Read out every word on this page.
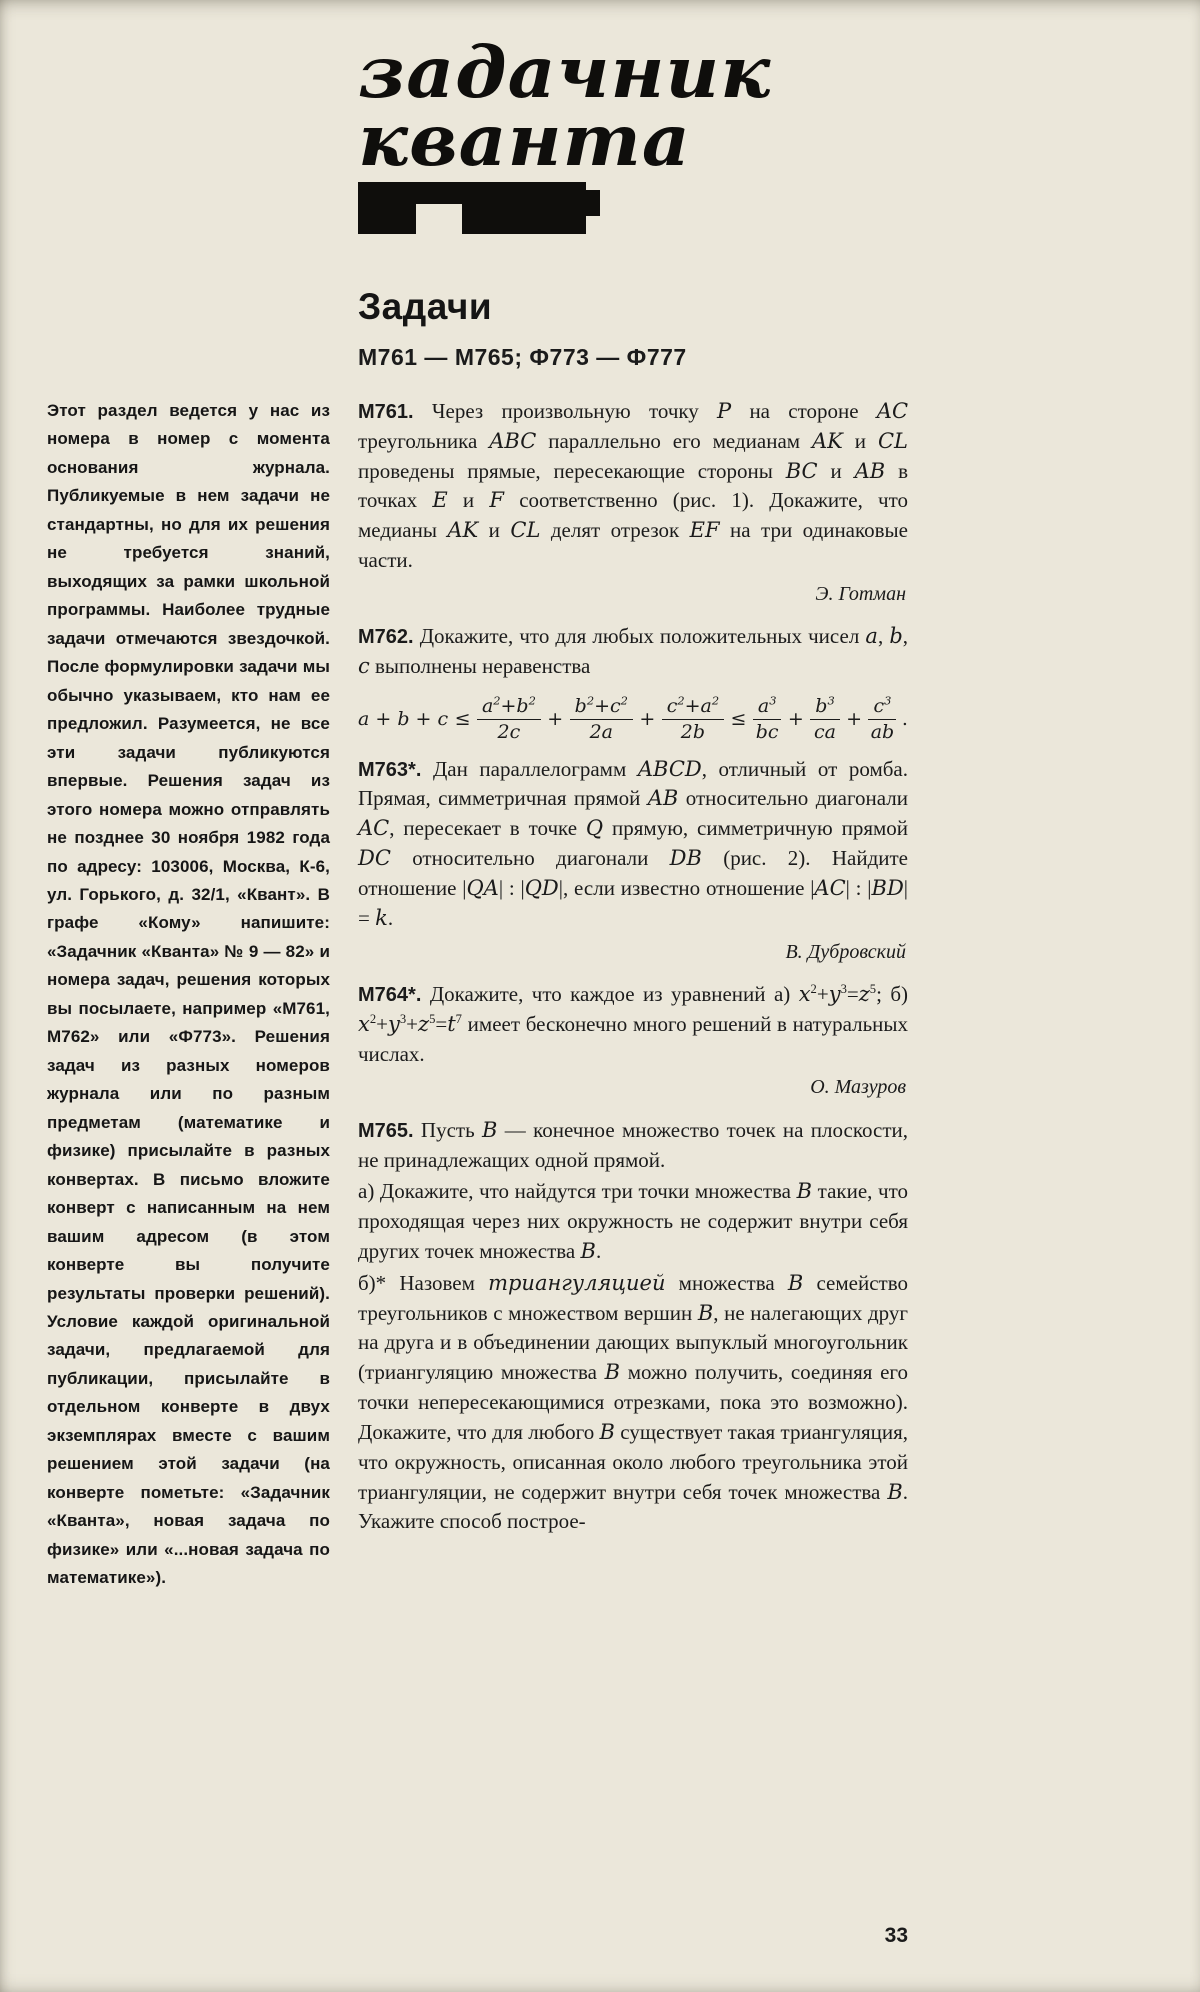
задачник
кванта
Задачи
М761 — М765; Ф773 — Ф777
Этот раздел ведется у нас из номера в номер с момента основания журнала. Публикуемые в нем задачи не стандартны, но для их решения не требуется знаний, выходящих за рамки школьной программы. Наиболее трудные задачи отмечаются звездочкой. После формулировки задачи мы обычно указываем, кто нам ее предложил. Разумеется, не все эти задачи публикуются впервые. Решения задач из этого номера можно отправлять не позднее 30 ноября 1982 года по адресу: 103006, Москва, К-6, ул. Горького, д. 32/1, «Квант». В графе «Кому» напишите: «Задачник «Кванта» № 9 — 82» и номера задач, решения которых вы посылаете, например «М761, М762» или «Ф773». Решения задач из разных номеров журнала или по разным предметам (математике и физике) присылайте в разных конвертах. В письмо вложите конверт с написанным на нем вашим адресом (в этом конверте вы получите результаты проверки решений). Условие каждой оригинальной задачи, предлагаемой для публикации, присылайте в отдельном конверте в двух экземплярах вместе с вашим решением этой задачи (на конверте пометьте: «Задачник «Кванта», новая задача по физике» или «...новая задача по математике»).

М761. Через произвольную точку P на стороне AC треугольника ABC параллельно его медианам AK и CL проведены прямые, пересекающие стороны BC и AB в точках E и F соответственно (рис. 1). Докажите, что медианы AK и CL делят отрезок EF на три одинаковые части.

Э. Готман

М762. Докажите, что для любых положительных чисел a, b, c выполнены неравенства

$a + b + c \le \frac{a^2+b^2}{2c} + \frac{b^2+c^2}{2a} + \frac{c^2+a^2}{2b} \le \frac{a^3}{bc} + \frac{b^3}{ca} + \frac{c^3}{ab}$ .

М763*. Дан параллелограмм ABCD, отличный от ромба. Прямая, симметричная прямой AB относительно диагонали AC, пересекает в точке Q прямую, симметричную прямой DC относительно диагонали DB (рис. 2). Найдите отношение |QA| : |QD|, если известно отношение |AC| : |BD| = k.

В. Дубровский

М764*. Докажите, что каждое из уравнений а) $x^2+y^3=z^5$; б) $x^2+y^3+z^5=t^7$ имеет бесконечно много решений в натуральных числах.

О. Мазуров

М765. Пусть B — конечное множество точек на плоскости, не принадлежащих одной прямой.

а) Докажите, что найдутся три точки множества B такие, что проходящая через них окружность не содержит внутри себя других точек множества B.

б)* Назовем триангуляцией множества B семейство треугольников с множеством вершин B, не налегающих друг на друга и в объединении дающих выпуклый многоугольник (триангуляцию множества B можно получить, соединяя его точки непересекающимися отрезками, пока это возможно). Докажите, что для любого B существует такая триангуляция, что окружность, описанная около любого треугольника этой триангуляции, не содержит внутри себя точек множества B. Укажите способ построе-

33
